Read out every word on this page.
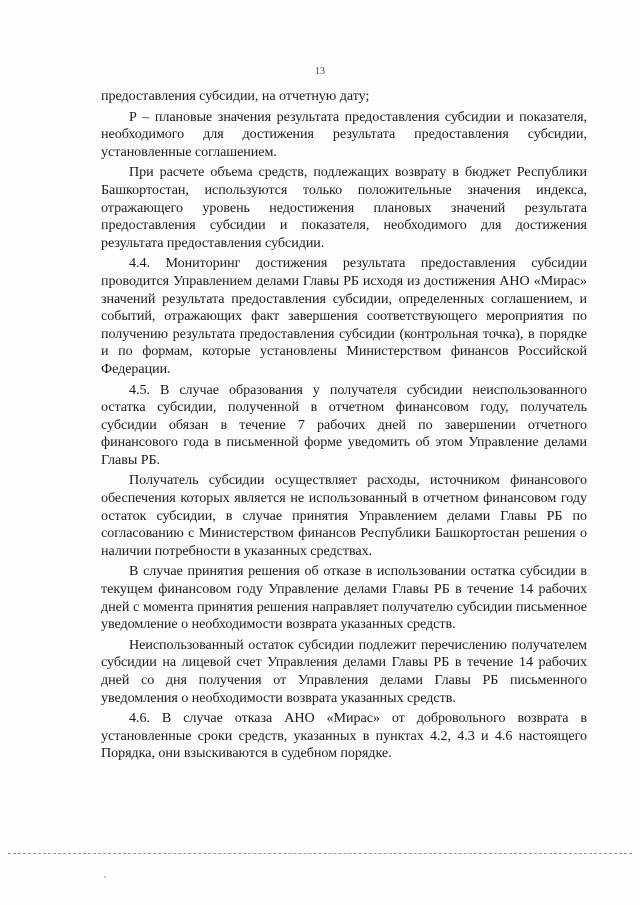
13

предоставления субсидии, на отчетную дату;

Р – плановые значения результата предоставления субсидии и показателя, необходимого для достижения результата предоставления субсидии, установленные соглашением.

При расчете объема средств, подлежащих возврату в бюджет Республики Башкортостан, используются только положительные значения индекса, отражающего уровень недостижения плановых значений результата предоставления субсидии и показателя, необходимого для достижения результата предоставления субсидии.

4.4. Мониторинг достижения результата предоставления субсидии проводится Управлением делами Главы РБ исходя из достижения АНО «Мирас» значений результата предоставления субсидии, определенных соглашением, и событий, отражающих факт завершения соответствующего мероприятия по получению результата предоставления субсидии (контрольная точка), в порядке и по формам, которые установлены Министерством финансов Российской Федерации.

4.5. В случае образования у получателя субсидии неиспользованного остатка субсидии, полученной в отчетном финансовом году, получатель субсидии обязан в течение 7 рабочих дней по завершении отчетного финансового года в письменной форме уведомить об этом Управление делами Главы РБ.

Получатель субсидии осуществляет расходы, источником финансового обеспечения которых является не использованный в отчетном финансовом году остаток субсидии, в случае принятия Управлением делами Главы РБ по согласованию с Министерством финансов Республики Башкортостан решения о наличии потребности в указанных средствах.

В случае принятия решения об отказе в использовании остатка субсидии в текущем финансовом году Управление делами Главы РБ в течение 14 рабочих дней с момента принятия решения направляет получателю субсидии письменное уведомление о необходимости возврата указанных средств.

Неиспользованный остаток субсидии подлежит перечислению получателем субсидии на лицевой счет Управления делами Главы РБ в течение 14 рабочих дней со дня получения от Управления делами Главы РБ письменного уведомления о необходимости возврата указанных средств.

4.6. В случае отказа АНО «Мирас» от добровольного возврата в установленные сроки средств, указанных в пунктах 4.2, 4.3 и 4.6 настоящего Порядка, они взыскиваются в судебном порядке.
